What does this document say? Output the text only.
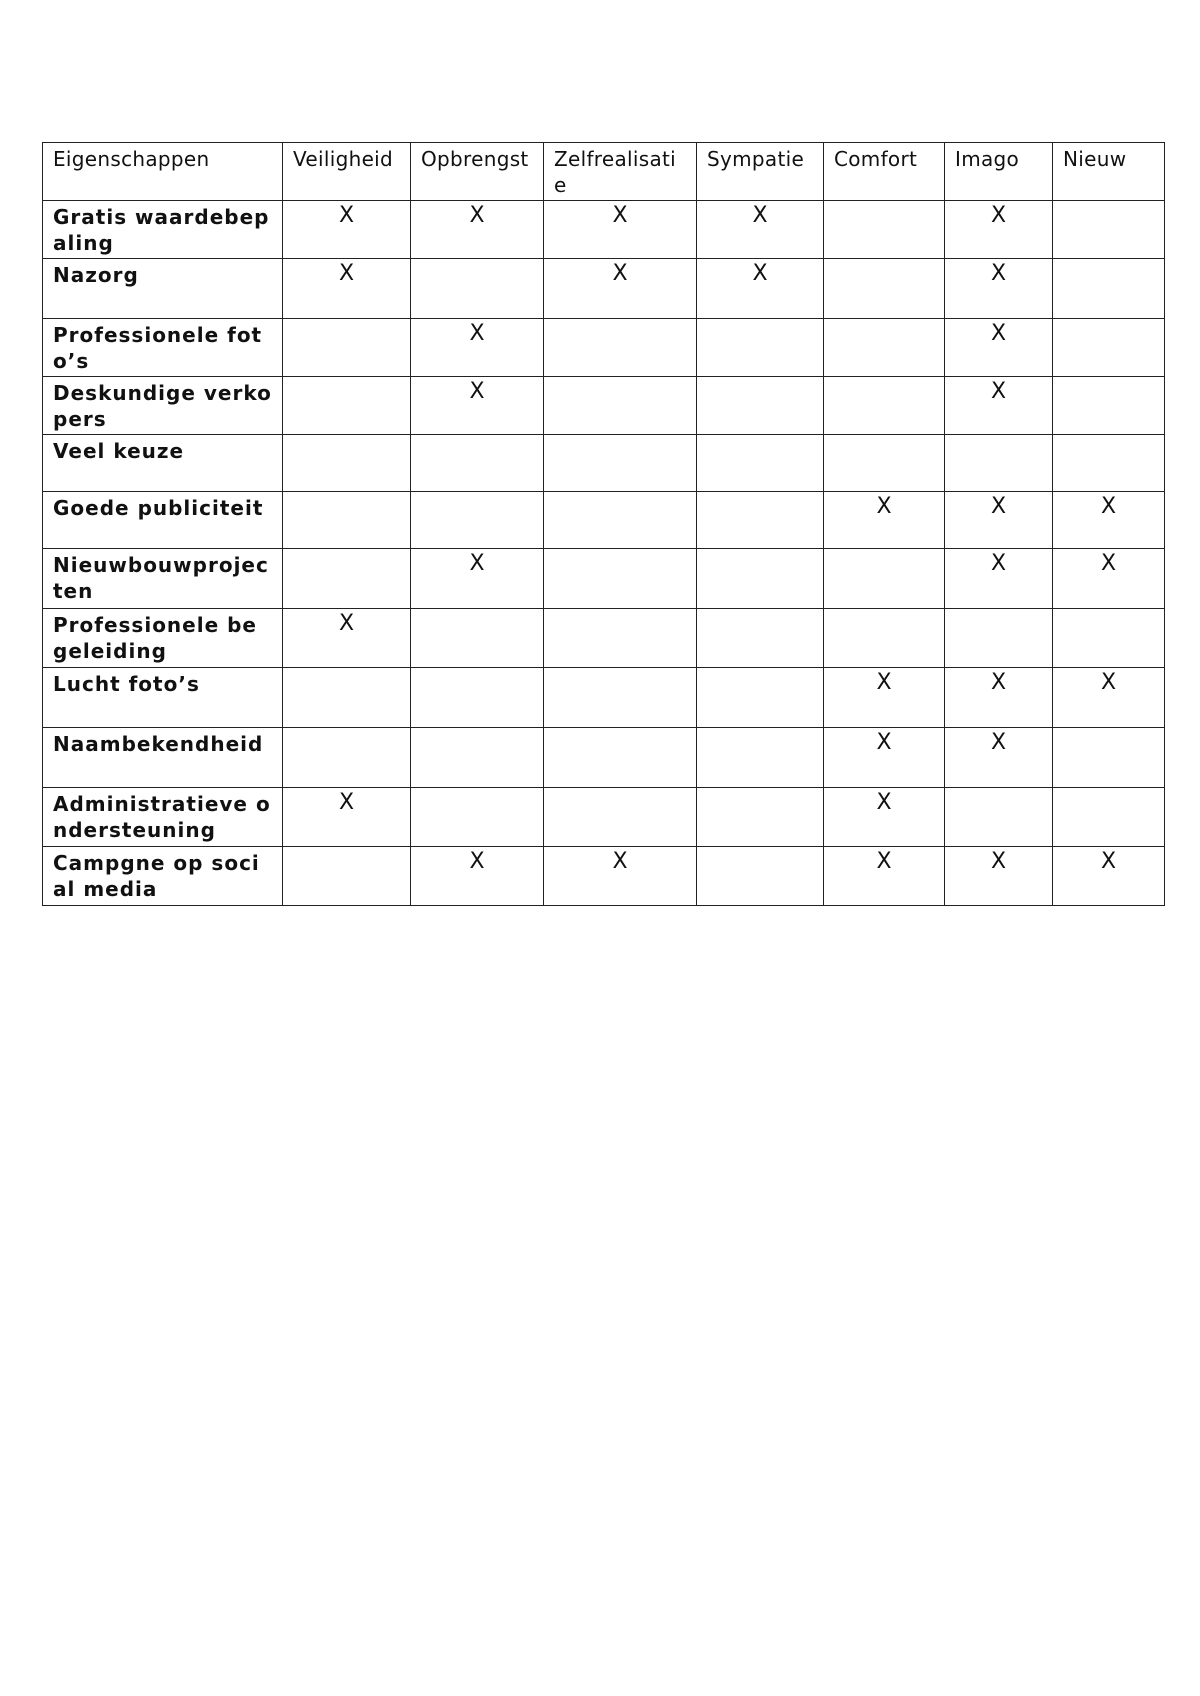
Eigenschappen	Veiligheid	Opbrengst	Zelfrealisatie	Sympatie	Comfort	Imago	Nieuw
Gratis waardebepaling	X	X	X	X		X	
Nazorg	X		X	X		X	
Professionele foto’s		X				X	
Deskundige verkopers		X				X	
Veel keuze							
Goede publiciteit					X	X	X
Nieuwbouwprojecten		X				X	X
Professionele begeleiding	X						
Lucht foto’s					X	X	X
Naambekendheid					X	X	
Administratieve ondersteuning	X				X		
Campgne op social media		X	X		X	X	X
